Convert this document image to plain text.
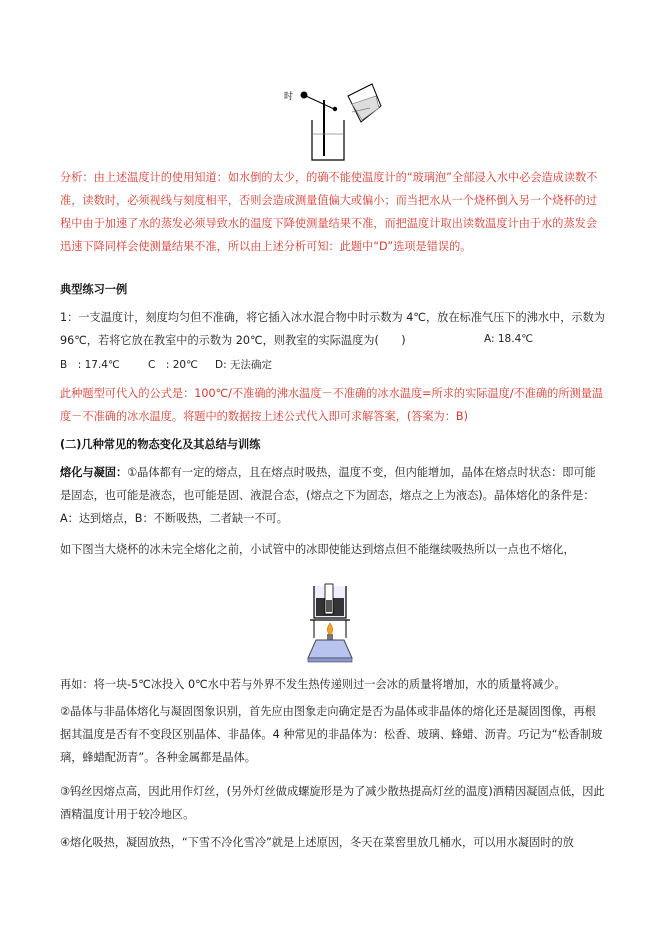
时

分析：由上述温度计的使用知道：如水倒的太少，的确不能使温度计的“玻璃泡”全部浸入水中必会造成读数不准，读数时，必须视线与刻度相平，否则会造成测量值偏大或偏小；而当把水从一个烧杯倒入另一个烧杯的过程中由于加速了水的蒸发必须导致水的温度下降使测量结果不准，而把温度计取出读数温度计由于水的蒸发会迅速下降同样会使测量结果不准，所以由上述分析可知：此题中“D”选项是错误的。

典型练习一例

1：一支温度计，刻度均匀但不准确，将它插入冰水混合物中时示数为 4℃，放在标准气压下的沸水中，示数为 96℃，若将它放在教室中的示数为 20℃，则教室的实际温度为(　　)

B　: 17.4℃	C　: 20℃ D: 无法确定
A: 18.4℃

此种题型可代入的公式是：100℃/不准确的沸水温度－不准确的冰水温度=所求的实际温度/不准确的所测量温度－不准确的冰水温度。将题中的数据按上述公式代入即可求解答案，(答案为：B)

(二)几种常见的物态变化及其总结与训练

熔化与凝固：①晶体都有一定的熔点，且在熔点时吸热，温度不变，但内能增加，晶体在熔点时状态：即可能是固态，也可能是液态，也可能是固、液混合态，(熔点之下为固态，熔点之上为液态)。晶体熔化的条件是：A：达到熔点，B：不断吸热，二者缺一不可。

如下图当大烧杯的冰未完全熔化之前，小试管中的冰即使能达到熔点但不能继续吸热所以一点也不熔化，

再如：将一块-5℃冰投入 0℃水中若与外界不发生热传递则过一会冰的质量将增加，水的质量将减少。

②晶体与非晶体熔化与凝固图象识别，首先应由图象走向确定是否为晶体或非晶体的熔化还是凝固图像，再根据其温度是否有不变段区别晶体、非晶体。4 种常见的非晶体为：松香、玻璃、蜂蜡、沥青。巧记为“松香制玻璃，蜂蜡配沥青”。各种金属都是晶体。

③钨丝因熔点高，因此用作灯丝，(另外灯丝做成螺旋形是为了减少散热提高灯丝的温度)酒精因凝固点低，因此酒精温度计用于较冷地区。

④熔化吸热，凝固放热，“下雪不冷化雪冷”就是上述原因，冬天在菜窖里放几桶水，可以用水凝固时的放
